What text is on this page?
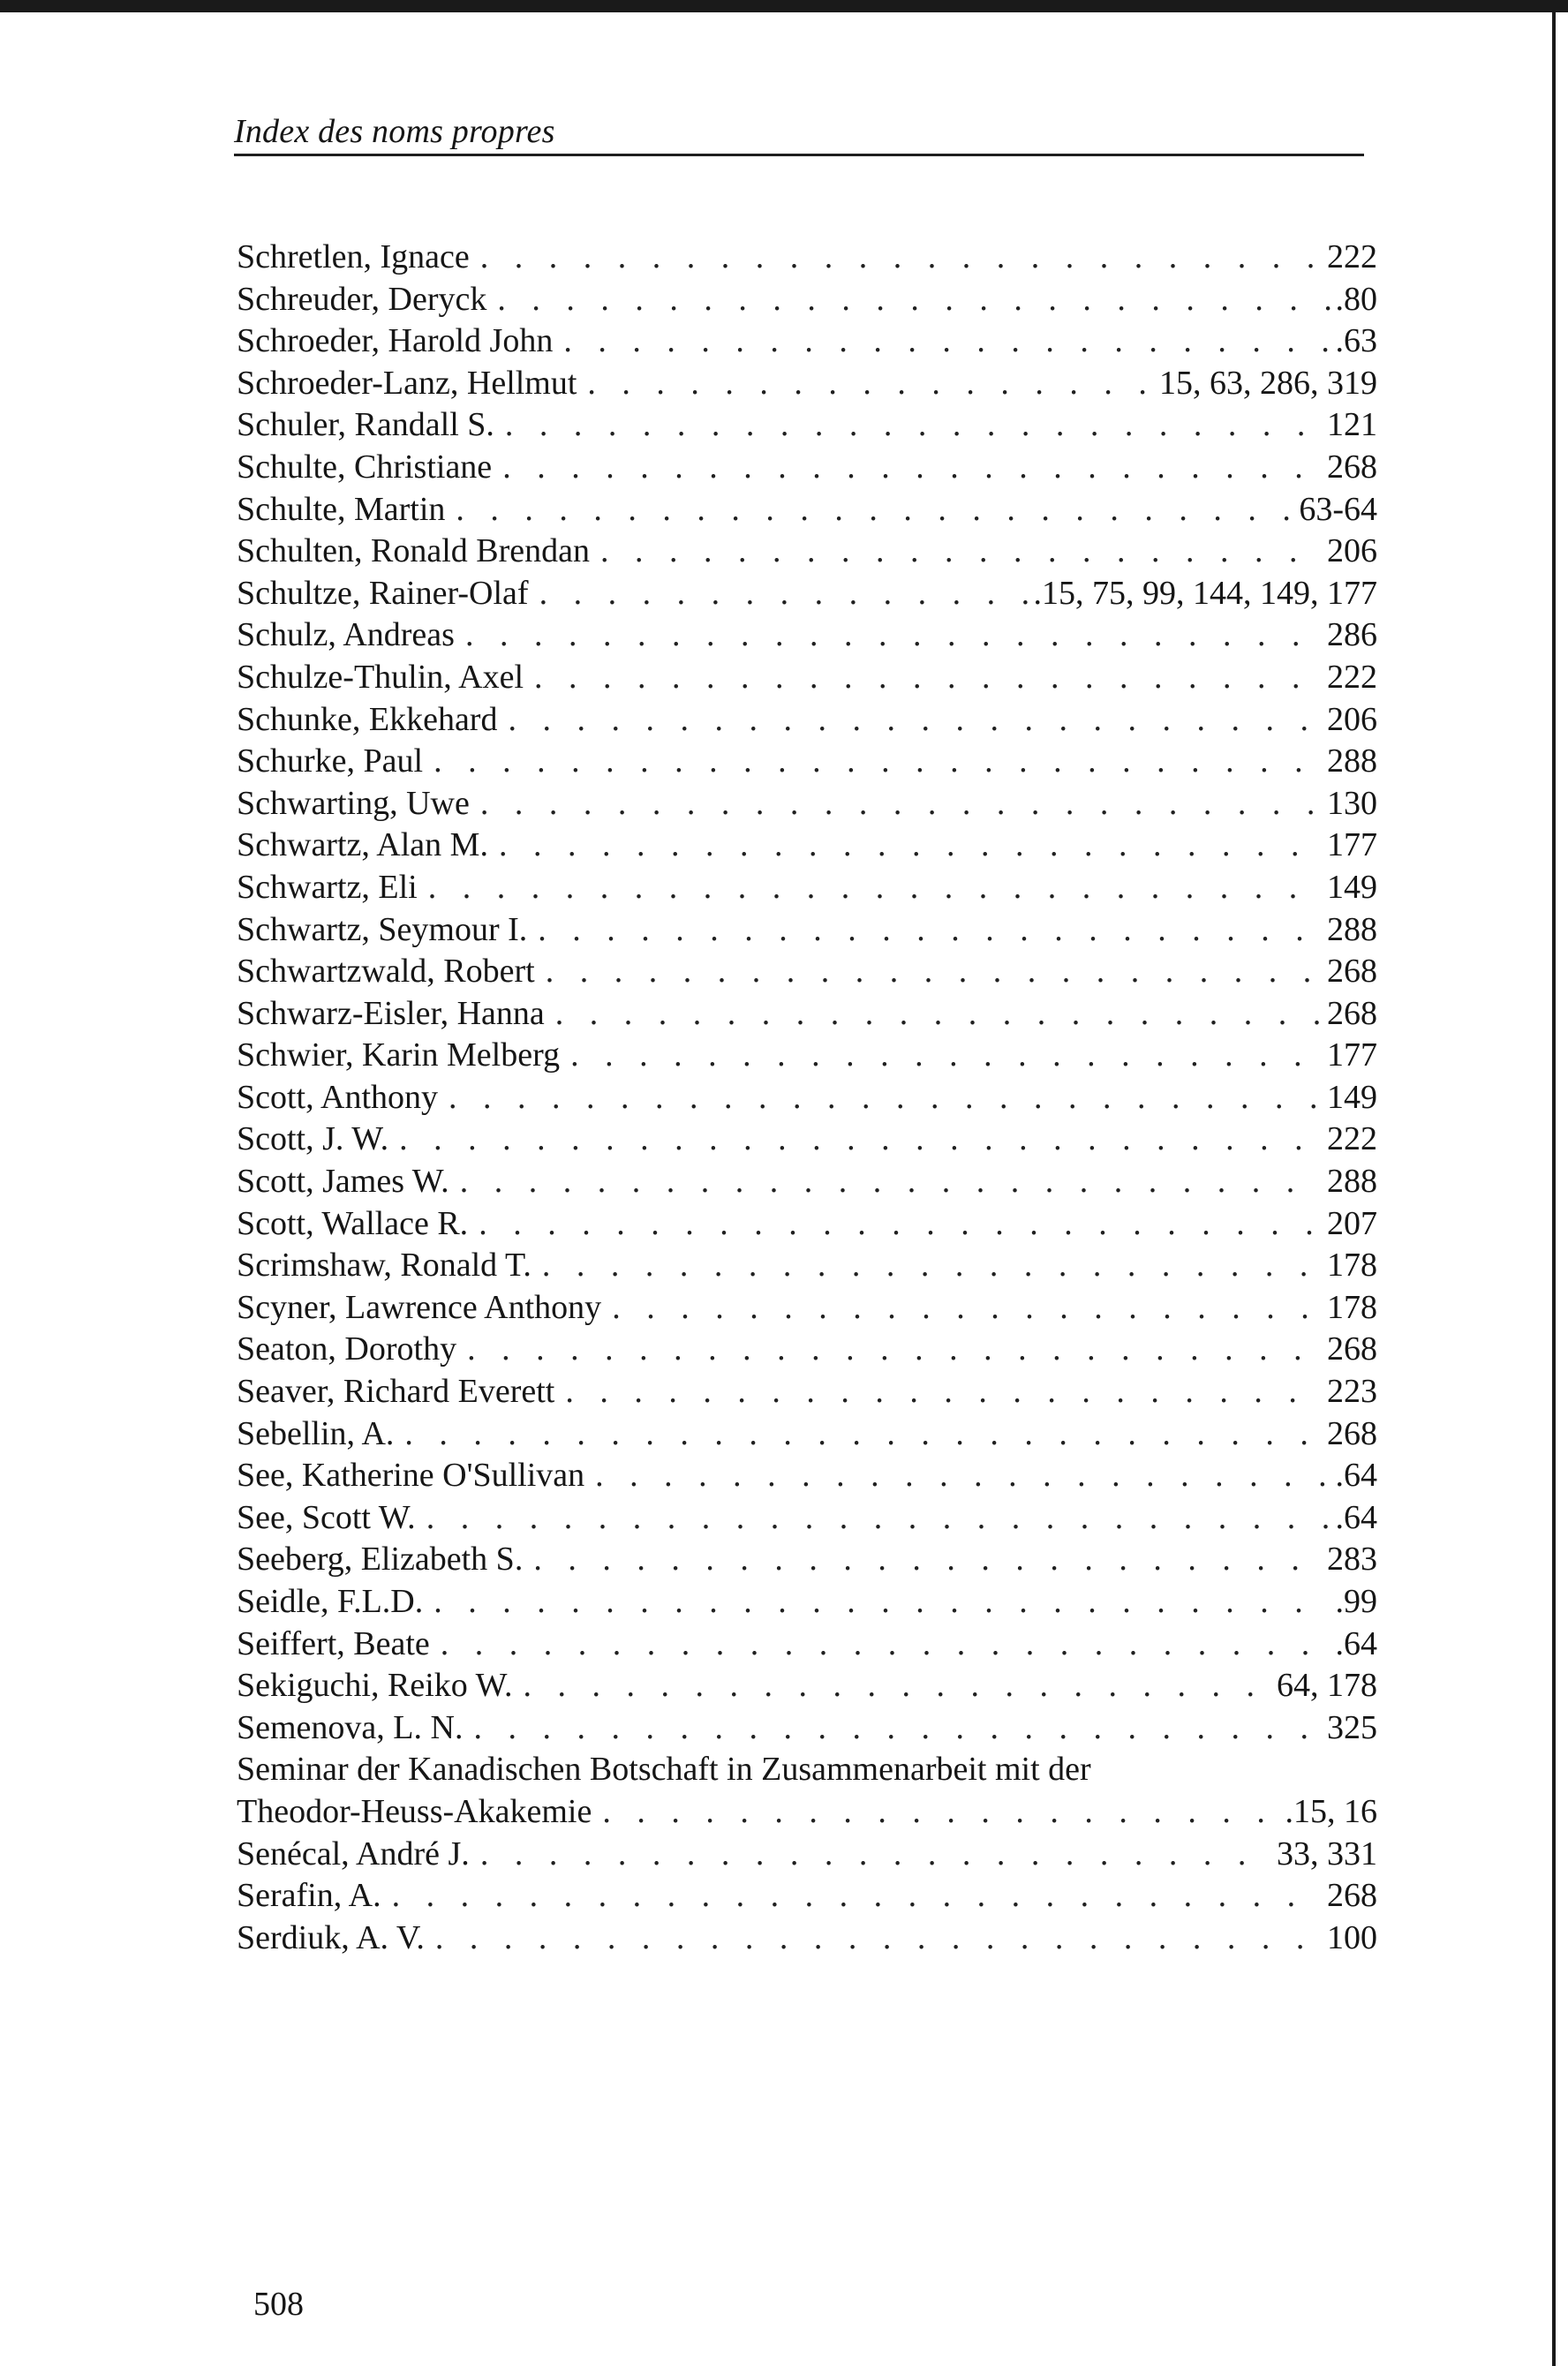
Index des noms propres
Schretlen, Ignace . . .	222
Schreuder, Deryck . . .	.80
Schroeder, Harold John . . .	.63
Schroeder-Lanz, Hellmut . . .	15, 63, 286, 319
Schuler, Randall S. . . .	121
Schulte, Christiane . . .	268
Schulte, Martin . . .	63-64
Schulten, Ronald Brendan . . .	206
Schultze, Rainer-Olaf . . .	.15, 75, 99, 144, 149, 177
Schulz, Andreas . . .	286
Schulze-Thulin, Axel . . .	222
Schunke, Ekkehard . . .	206
Schurke, Paul . . .	288
Schwarting, Uwe . . .	130
Schwartz, Alan M. . . .	177
Schwartz, Eli . . .	149
Schwartz, Seymour I. . . .	288
Schwartzwald, Robert . . .	268
Schwarz-Eisler, Hanna . . .	268
Schwier, Karin Melberg . . .	177
Scott, Anthony . . .	149
Scott, J. W. . . .	222
Scott, James W. . . .	288
Scott, Wallace R. . . .	207
Scrimshaw, Ronald T. . . .	178
Scyner, Lawrence Anthony . . .	178
Seaton, Dorothy . . .	268
Seaver, Richard Everett . . .	223
Sebellin, A. . . .	268
See, Katherine O'Sullivan . . .	.64
See, Scott W. . . .	.64
Seeberg, Elizabeth S. . . .	283
Seidle, F.L.D. . . .	.99
Seiffert, Beate . . .	.64
Sekiguchi, Reiko W. . . .	64, 178
Semenova, L. N. . . .	325
Seminar der Kanadischen Botschaft in Zusammenarbeit mit der
Theodor-Heuss-Akakemie . . .	.15, 16
Senécal, André J. . . .	33, 331
Serafin, A. . . .	268
Serdiuk, A. V. . . .	100
508
